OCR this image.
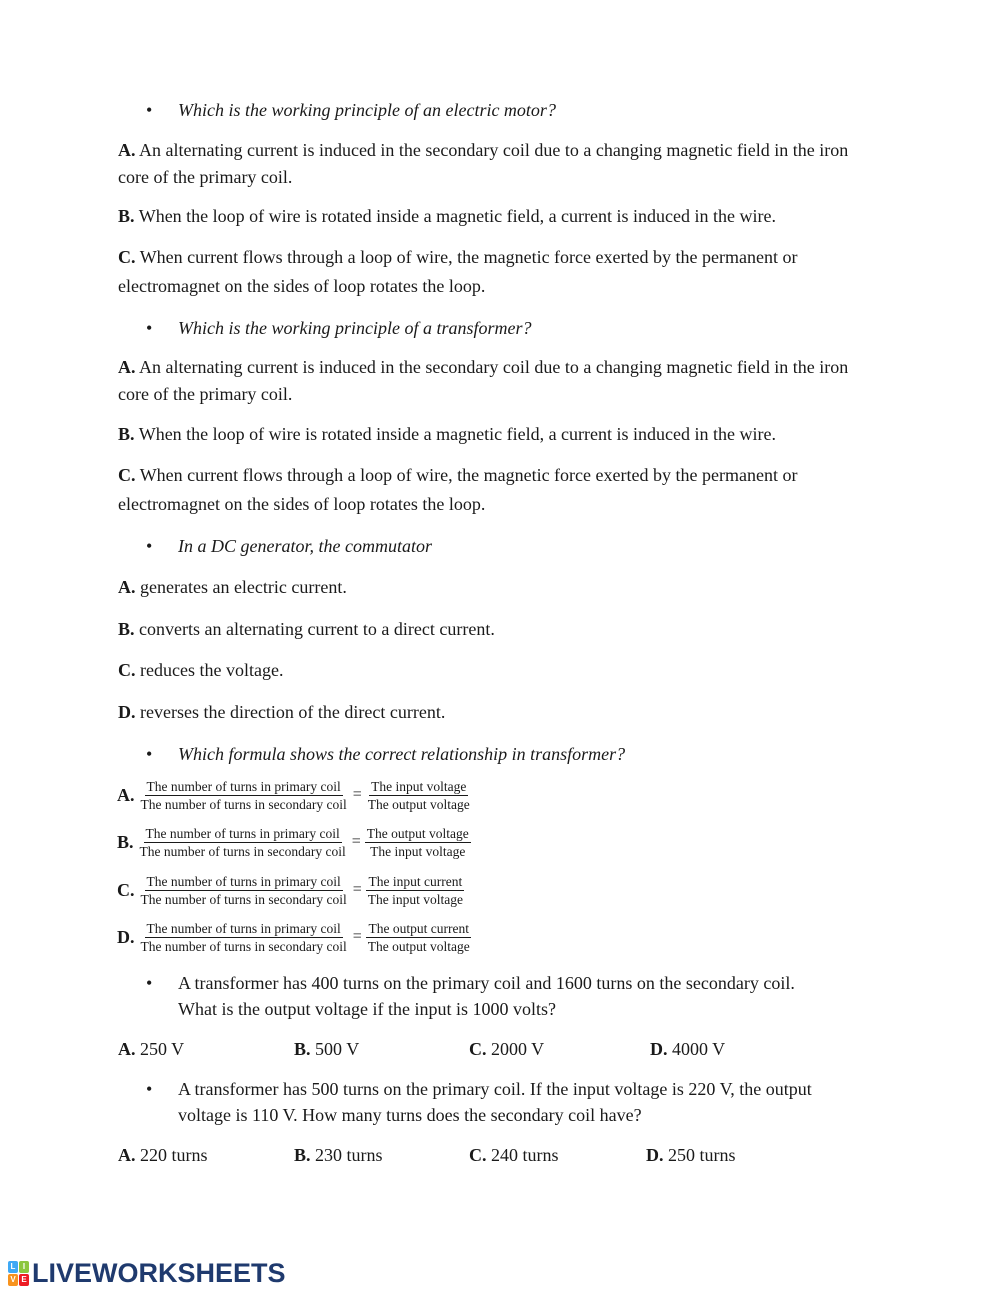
• Which is the working principle of an electric motor?
A. An alternating current is induced in the secondary coil due to a changing magnetic field in the iron core of the primary coil.
B. When the loop of wire is rotated inside a magnetic field, a current is induced in the wire.
C. When current flows through a loop of wire, the magnetic force exerted by the permanent or electromagnet on the sides of loop rotates the loop.
• Which is the working principle of a transformer?
A. An alternating current is induced in the secondary coil due to a changing magnetic field in the iron core of the primary coil.
B. When the loop of wire is rotated inside a magnetic field, a current is induced in the wire.
C. When current flows through a loop of wire, the magnetic force exerted by the permanent or electromagnet on the sides of loop rotates the loop.
• In a DC generator, the commutator
A. generates an electric current.
B. converts an alternating current to a direct current.
C. reduces the voltage.
D. reverses the direction of the direct current.
• Which formula shows the correct relationship in transformer?
A. $\frac{\text{The number of turns in primary coil}}{\text{The number of turns in secondary coil}} = \frac{\text{The input voltage}}{\text{The output voltage}}$
B. $\frac{\text{The number of turns in primary coil}}{\text{The number of turns in secondary coil}} = \frac{\text{The output voltage}}{\text{The input voltage}}$
C. $\frac{\text{The number of turns in primary coil}}{\text{The number of turns in secondary coil}} = \frac{\text{The input current}}{\text{The input voltage}}$
D. $\frac{\text{The number of turns in primary coil}}{\text{The number of turns in secondary coil}} = \frac{\text{The output current}}{\text{The output voltage}}$
• A transformer has 400 turns on the primary coil and 1600 turns on the secondary coil.
What is the output voltage if the input is 1000 volts?
A. 250 V	B. 500 V	C. 2000 V	D. 4000 V
• A transformer has 500 turns on the primary coil. If the input voltage is 220 V, the output
voltage is 110 V. How many turns does the secondary coil have?
A. 220 turns	B. 230 turns	C. 240 turns	D. 250 turns
L I
V E LIVEWORKSHEETS
